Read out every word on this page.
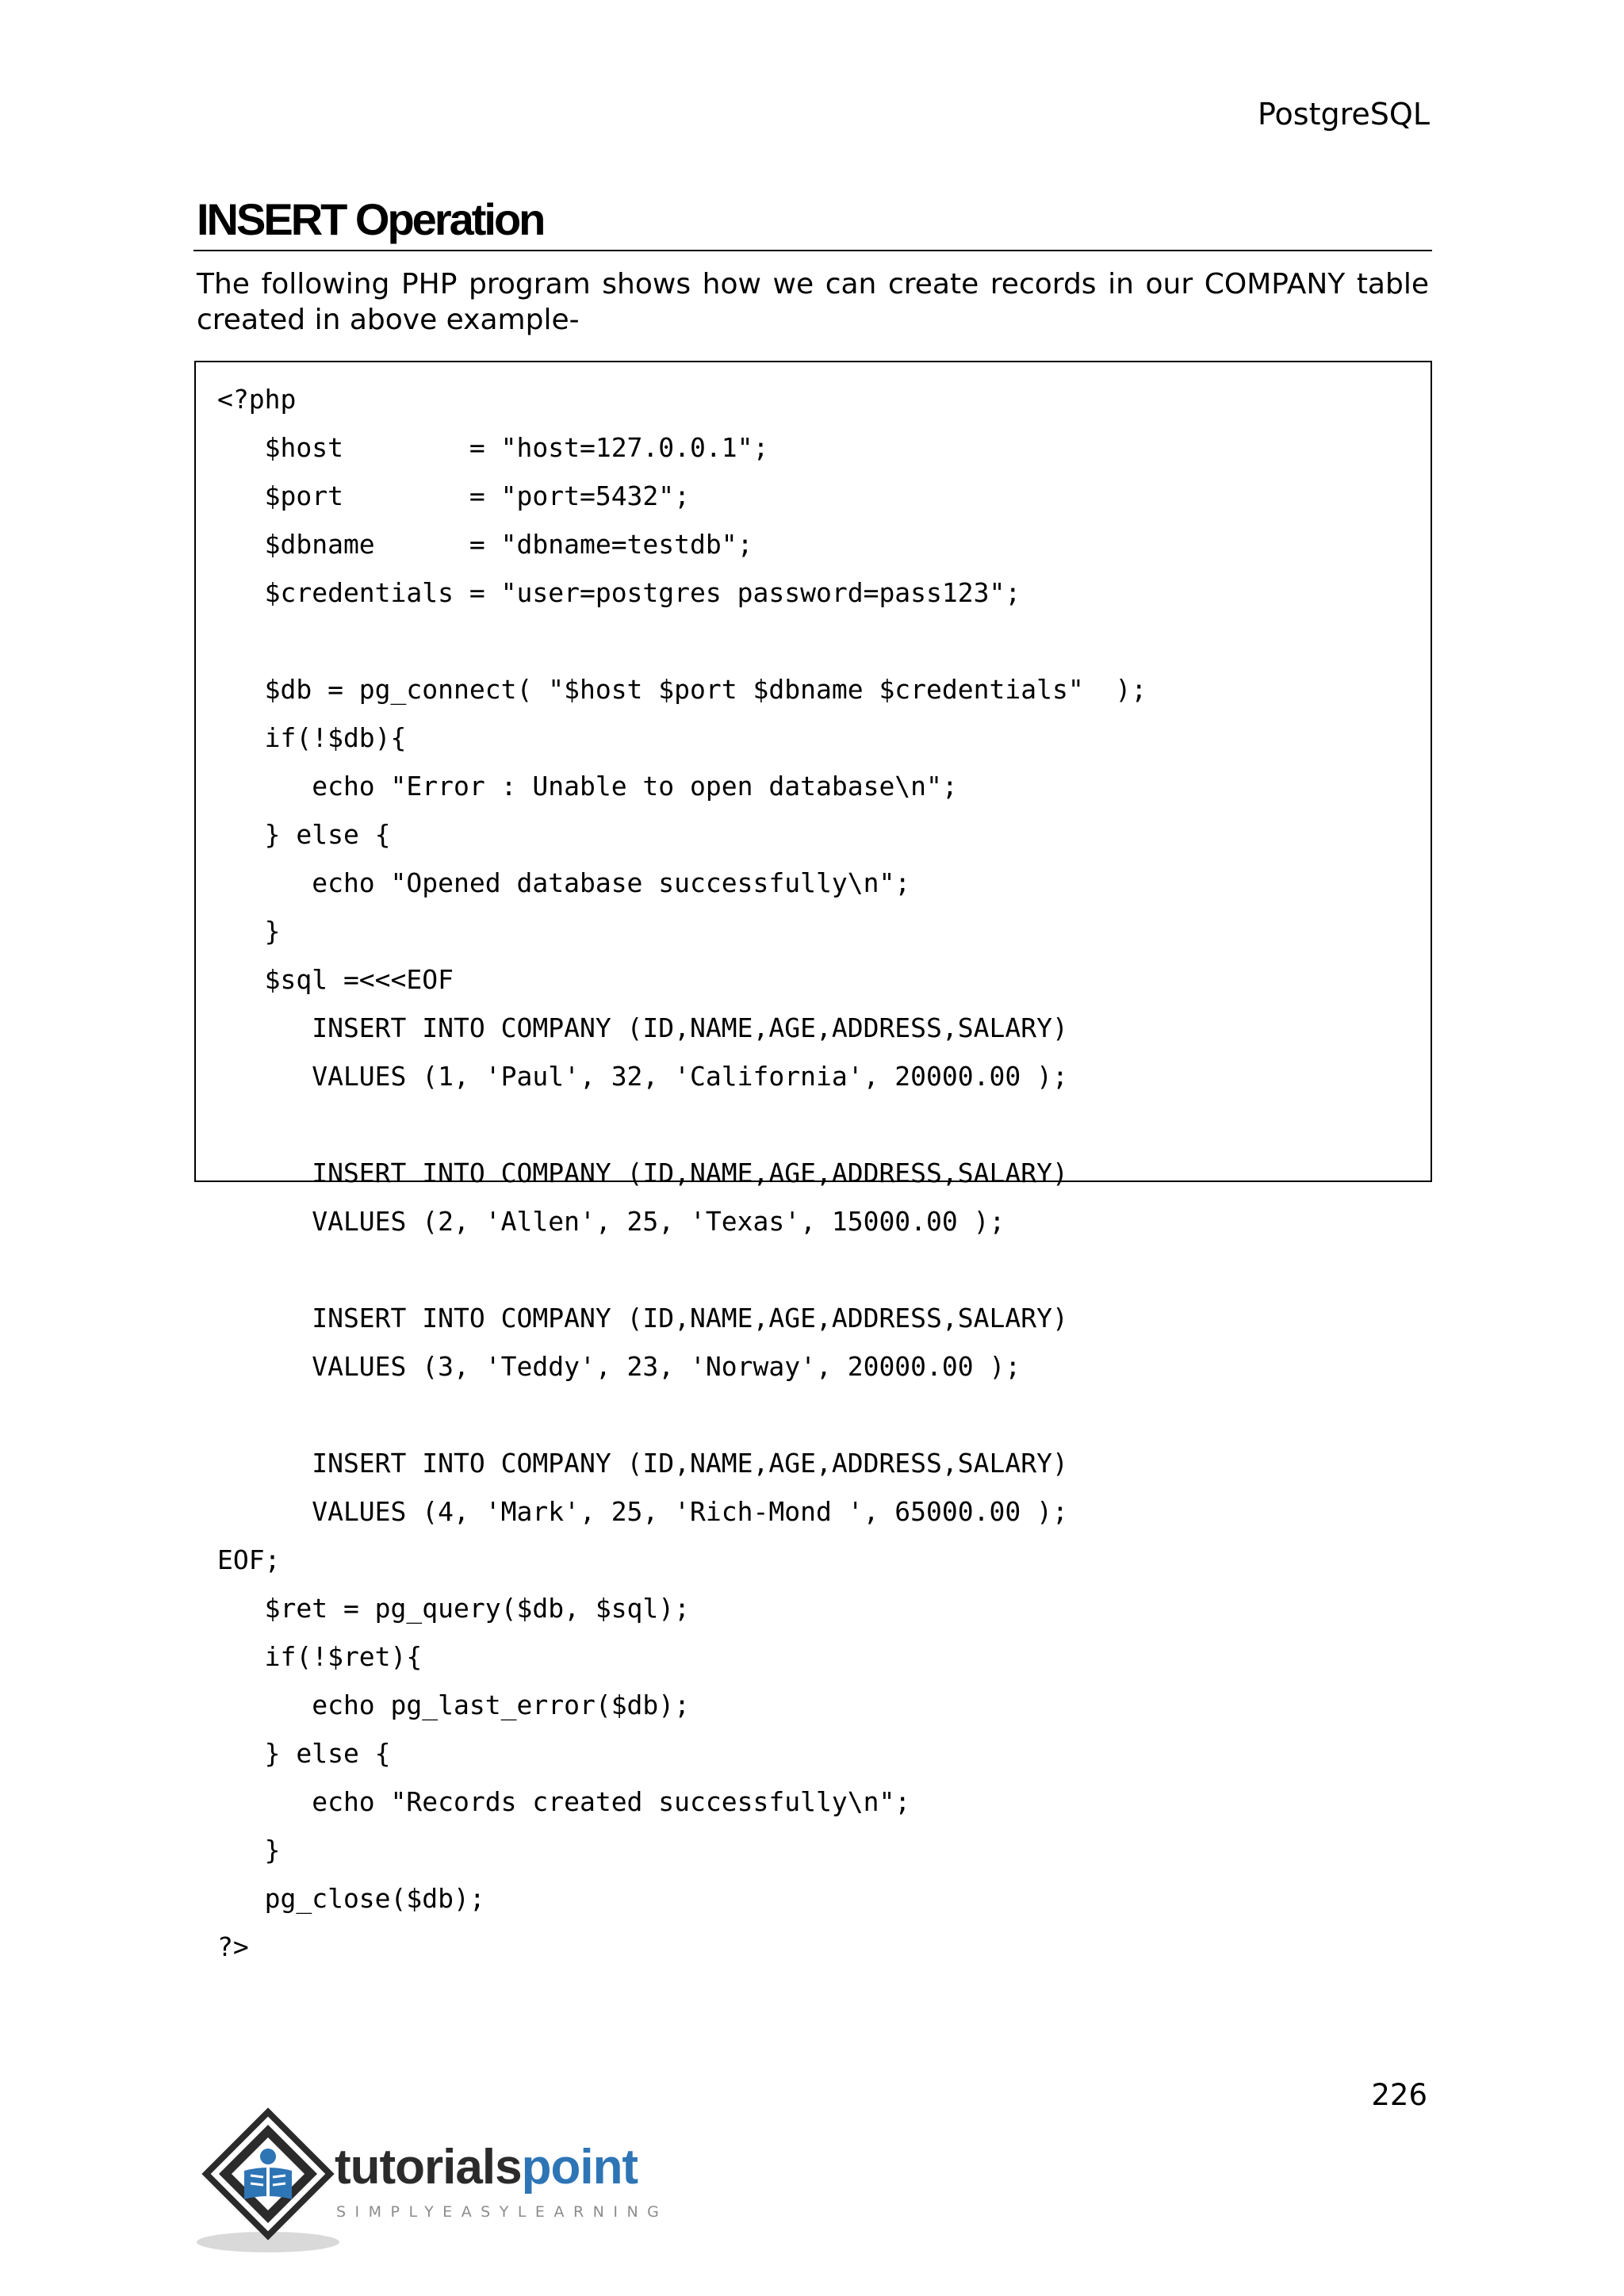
PostgreSQL
INSERT Operation

The following PHP program shows how we can create records in our COMPANY table created in above example-

<?php
$host        = "host=127.0.0.1";
$port        = "port=5432";
$dbname      = "dbname=testdb";
$credentials = "user=postgres password=pass123";
$db = pg_connect( "$host $port $dbname $credentials"  );
if(!$db){
echo "Error : Unable to open database\n";
} else {
echo "Opened database successfully\n";
}
$sql =<<<EOF
INSERT INTO COMPANY (ID,NAME,AGE,ADDRESS,SALARY)
VALUES (1, 'Paul', 32, 'California', 20000.00 );
INSERT INTO COMPANY (ID,NAME,AGE,ADDRESS,SALARY)
VALUES (2, 'Allen', 25, 'Texas', 15000.00 );
INSERT INTO COMPANY (ID,NAME,AGE,ADDRESS,SALARY)
VALUES (3, 'Teddy', 23, 'Norway', 20000.00 );
INSERT INTO COMPANY (ID,NAME,AGE,ADDRESS,SALARY)
VALUES (4, 'Mark', 25, 'Rich-Mond ', 65000.00 );
EOF;
$ret = pg_query($db, $sql);
if(!$ret){
echo pg_last_error($db);
} else {
echo "Records created successfully\n";
}
pg_close($db);
?>
226
tutorialspoint
SIMPLYEASYLEARNING
